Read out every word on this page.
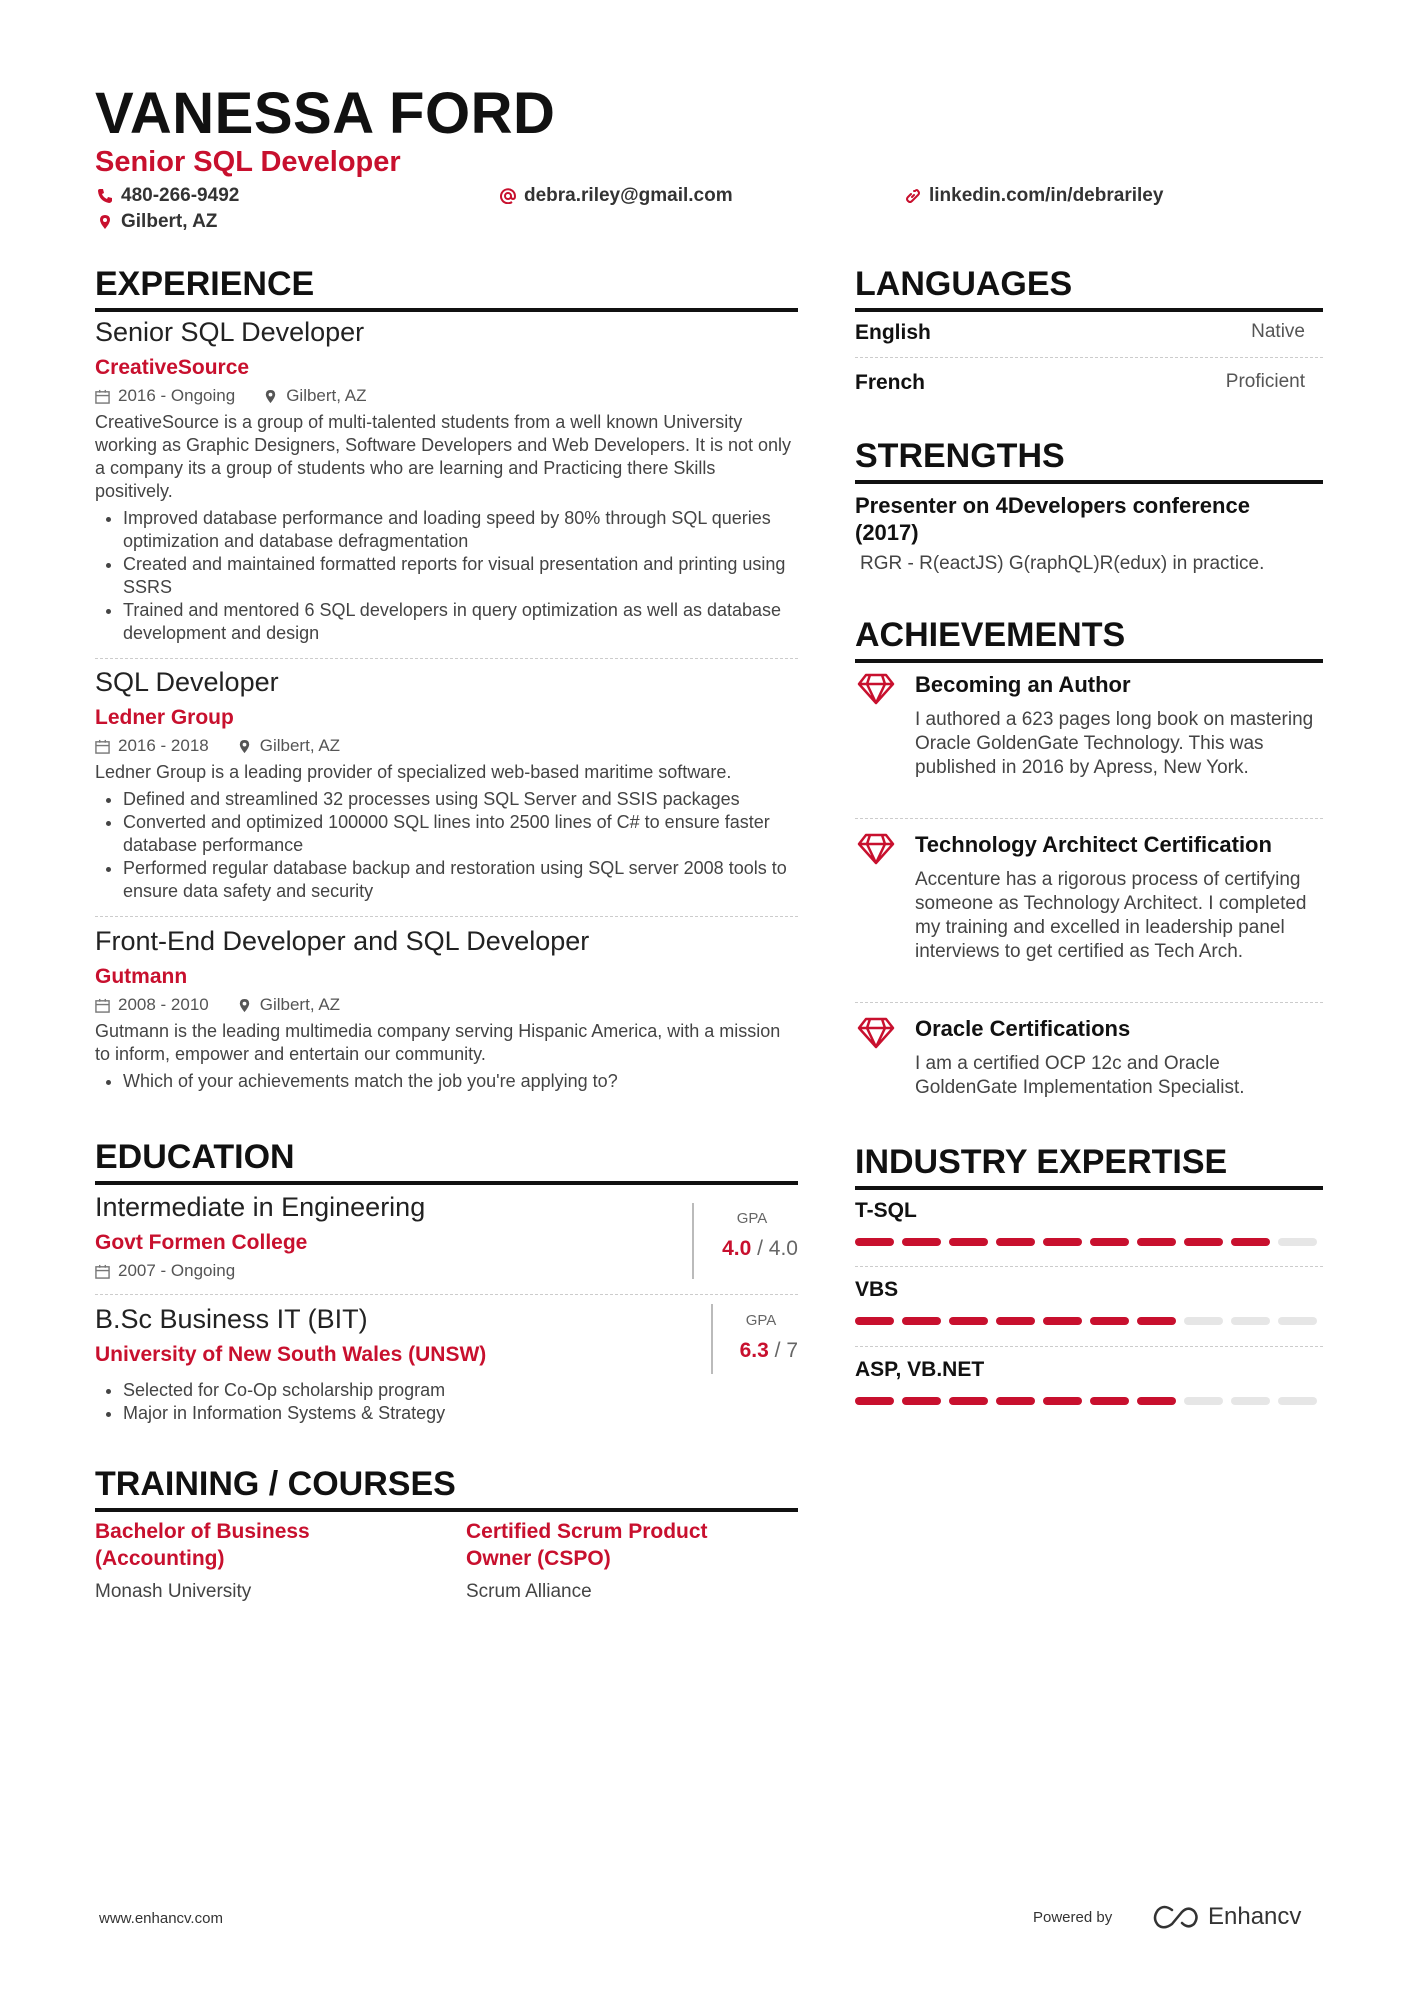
VANESSA FORD
Senior SQL Developer
480-266-9492	debra.riley@gmail.com	linkedin.com/in/debrariley
Gilbert, AZ
EXPERIENCE
Senior SQL Developer
CreativeSource
2016 - Ongoing	Gilbert, AZ
CreativeSource is a group of multi-talented students from a well known University working as Graphic Designers, Software Developers and Web Developers. It is not only a company its a group of students who are learning and Practicing there Skills positively.
• Improved database performance and loading speed by 80% through SQL queries optimization and database defragmentation
• Created and maintained formatted reports for visual presentation and printing using SSRS
• Trained and mentored 6 SQL developers in query optimization as well as database development and design
SQL Developer
Ledner Group
2016 - 2018	Gilbert, AZ
Ledner Group is a leading provider of specialized web-based maritime software.
• Defined and streamlined 32 processes using SQL Server and SSIS packages
• Converted and optimized 100000 SQL lines into 2500 lines of C# to ensure faster database performance
• Performed regular database backup and restoration using SQL server 2008 tools to ensure data safety and security
Front-End Developer and SQL Developer
Gutmann
2008 - 2010	Gilbert, AZ
Gutmann is the leading multimedia company serving Hispanic America, with a mission to inform, empower and entertain our community.
• Which of your achievements match the job you're applying to?
EDUCATION
Intermediate in Engineering
Govt Formen College
2007 - Ongoing
GPA
4.0 / 4.0
B.Sc Business IT (BIT)
University of New South Wales (UNSW)
• Selected for Co-Op scholarship program
• Major in Information Systems & Strategy
GPA
6.3 / 7
TRAINING / COURSES
Bachelor of Business
(Accounting)
Monash University
Certified Scrum Product
Owner (CSPO)
Scrum Alliance
LANGUAGES
English	Native
French	Proficient
STRENGTHS
Presenter on 4Developers conference
(2017)
RGR - R(eactJS) G(raphQL)R(edux) in practice.
ACHIEVEMENTS
Becoming an Author
I authored a 623 pages long book on mastering Oracle GoldenGate Technology. This was published in 2016 by Apress, New York.
Technology Architect Certification
Accenture has a rigorous process of certifying someone as Technology Architect. I completed my training and excelled in leadership panel interviews to get certified as Tech Arch.
Oracle Certifications
I am a certified OCP 12c and Oracle GoldenGate Implementation Specialist.
INDUSTRY EXPERTISE
T-SQL
VBS
ASP, VB.NET
www.enhancv.com	Powered by	Enhancv
